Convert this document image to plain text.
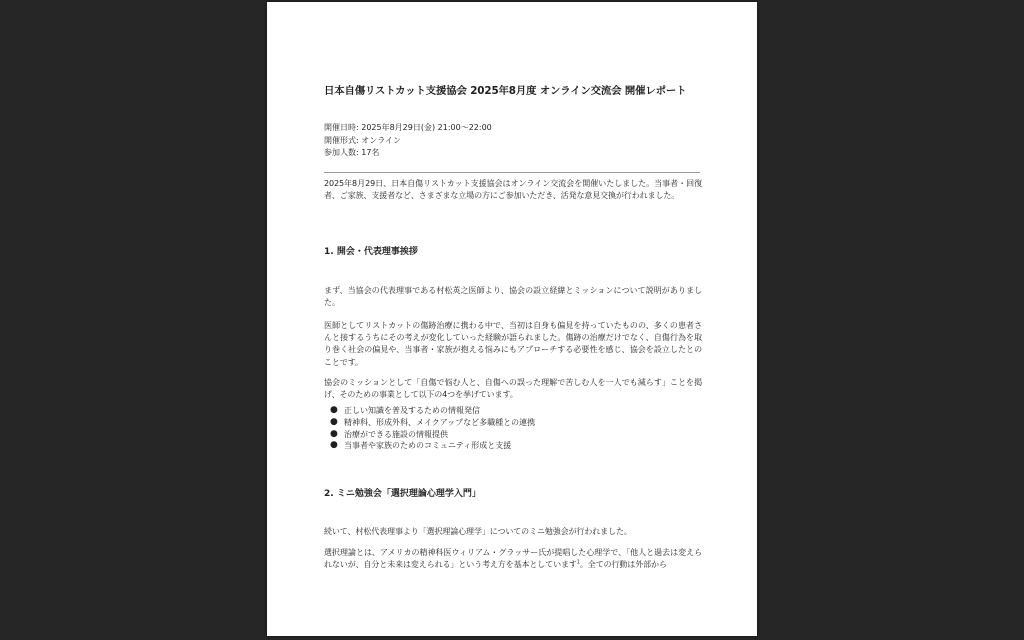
日本自傷リストカット支援協会 2025年8月度 オンライン交流会 開催レポート
開催日時: 2025年8月29日(金) 21:00〜22:00
開催形式: オンライン
参加人数: 17名
2025年8月29日、日本自傷リストカット支援協会はオンライン交流会を開催いたしました。当事者・回復者、ご家族、支援者など、さまざまな立場の方にご参加いただき、活発な意見交換が行われました。
1. 開会・代表理事挨拶
まず、当協会の代表理事である村松英之医師より、協会の設立経緯とミッションについて説明がありました。
医師としてリストカットの傷跡治療に携わる中で、当初は自身も偏見を持っていたものの、多くの患者さんと接するうちにその考えが変化していった経験が語られました。傷跡の治療だけでなく、自傷行為を取り巻く社会の偏見や、当事者・家族が抱える悩みにもアプローチする必要性を感じ、協会を設立したとのことです。
協会のミッションとして「自傷で悩む人と、自傷への誤った理解で苦しむ人を一人でも減らす」ことを掲げ、そのための事業として以下の4つを挙げています。
● 正しい知識を普及するための情報発信
● 精神科、形成外科、メイクアップなど多職種との連携
● 治療ができる施設の情報提供
● 当事者や家族のためのコミュニティ形成と支援
2. ミニ勉強会「選択理論心理学入門」
続いて、村松代表理事より「選択理論心理学」についてのミニ勉強会が行われました。
選択理論とは、アメリカの精神科医ウィリアム・グラッサー氏が提唱した心理学で、「他人と過去は変えられないが、自分と未来は変えられる」という考え方を基本としています$^1$。全ての行動は外部から
